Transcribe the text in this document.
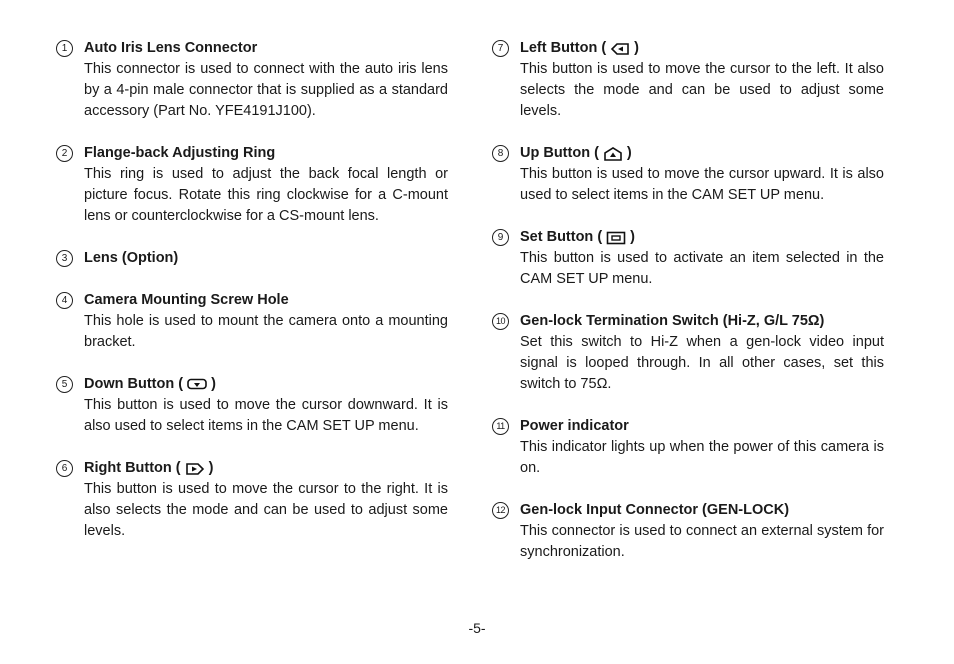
1	Auto Iris Lens Connector
This connector is used to connect with the auto iris lens by a 4-pin male connector that is supplied as a standard accessory (Part No. YFE4191J100).
2	Flange-back Adjusting Ring
This ring is used to adjust the back focal length or picture focus. Rotate this ring clockwise for a C-mount lens or counterclockwise for a CS-mount lens.
3	Lens (Option)
4	Camera Mounting Screw Hole
This hole is used to mount the camera onto a mounting bracket.
5	Down Button ( )
This button is used to move the cursor downward. It is also used to select items in the CAM SET UP menu.
6	Right Button ( )
This button is used to move the cursor to the right. It is also selects the mode and can be used to adjust some levels.
7	Left Button ( )
This button is used to move the cursor to the left. It also selects the mode and can be used to adjust some levels.
8	Up Button ( )
This button is used to move the cursor upward. It is also used to select items in the CAM SET UP menu.
9	Set Button ( )
This button is used to activate an item selected in the CAM SET UP menu.
10 Gen-lock Termination Switch (Hi-Z, G/L 75Ω)
Set this switch to Hi-Z when a gen-lock video input signal is looped through. In all other cases, set this switch to 75Ω.
11 Power indicator
This indicator lights up when the power of this camera is on.
12 Gen-lock Input Connector (GEN-LOCK)
This connector is used to connect an external system for synchronization.
-5-
